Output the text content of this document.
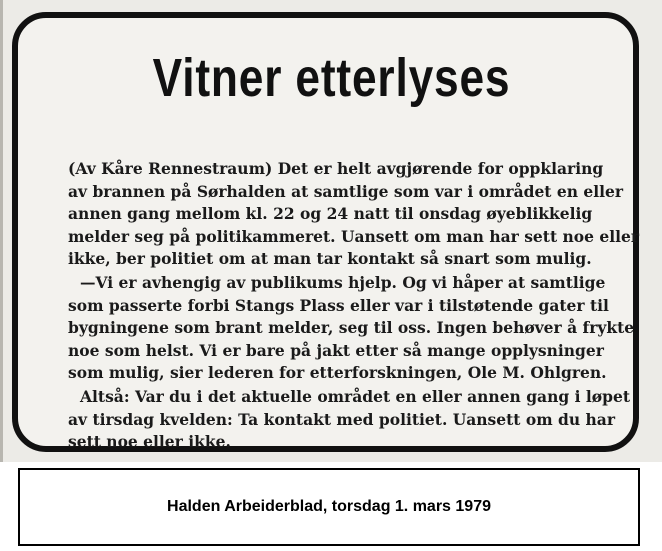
Vitner etterlyses

(Av Kåre Rennestraum) Det er helt avgjørende for oppklaring
av brannen på Sørhalden at samtlige som var i området en eller
annen gang mellom kl. 22 og 24 natt til onsdag øyeblikkelig
melder seg på politikammeret. Uansett om man har sett noe eller
ikke, ber politiet om at man tar kontakt så snart som mulig.

—Vi er avhengig av publikums hjelp. Og vi håper at samtlige
som passerte forbi Stangs Plass eller var i tilstøtende gater til
bygningene som brant melder, seg til oss. Ingen behøver å frykte
noe som helst. Vi er bare på jakt etter så mange opplysninger
som mulig, sier lederen for etterforskningen, Ole M. Ohlgren.

Altså: Var du i det aktuelle området en eller annen gang i løpet
av tirsdag kvelden: Ta kontakt med politiet. Uansett om du har
sett noe eller ikke.

Halden Arbeiderblad, torsdag 1. mars 1979
